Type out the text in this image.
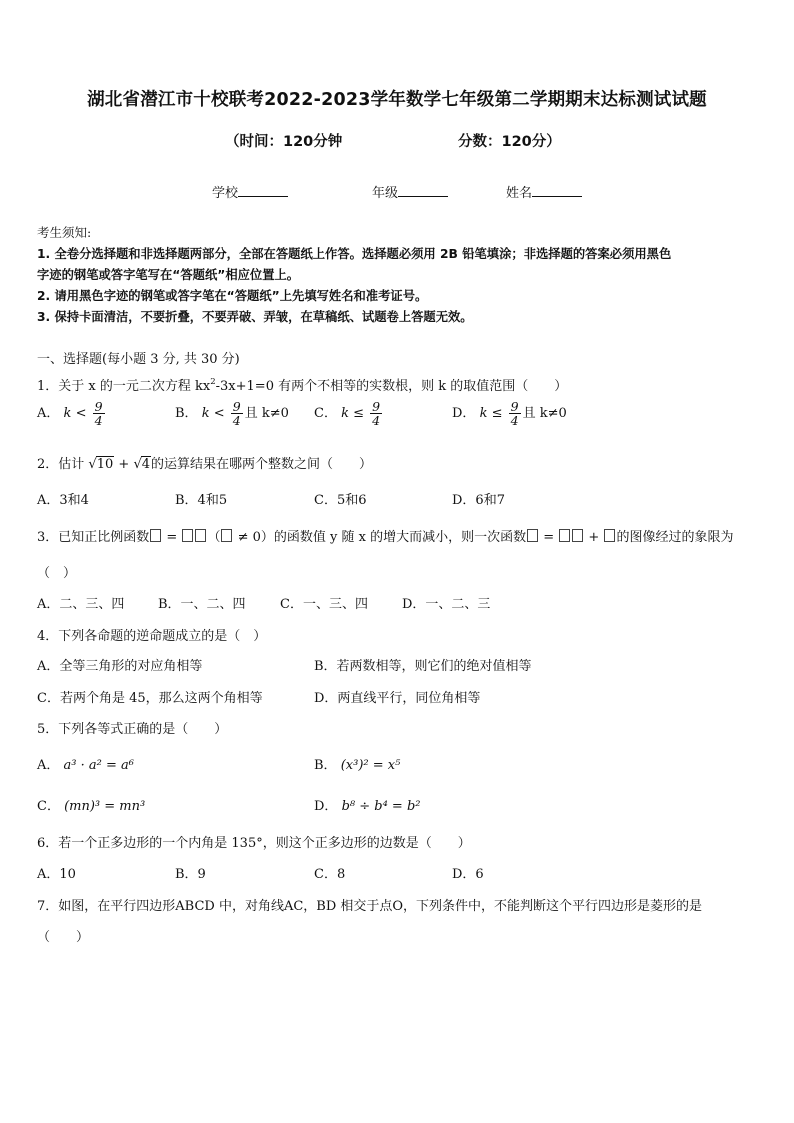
湖北省潜江市十校联考2022-2023学年数学七年级第二学期期末达标测试试题
（时间：120分钟	分数：120分）
学校	年级	姓名
考生须知:
1. 全卷分选择题和非选择题两部分，全部在答题纸上作答。选择题必须用 2B 铅笔填涂；非选择题的答案必须用黑色
字迹的钢笔或答字笔写在“答题纸”相应位置上。
2. 请用黑色字迹的钢笔或答字笔在“答题纸”上先填写姓名和准考证号。
3. 保持卡面清洁，不要折叠，不要弄破、弄皱，在草稿纸、试题卷上答题无效。
一、选择题(每小题 3 分, 共 30 分)
1．关于 x 的一元二次方程 $kx^2-3x+1=0$ 有两个不相等的实数根，则 k 的取值范围（　　）
A． $k < \frac{9}{4}$	B． $k < \frac{9}{4}$ 且 k≠0 C． $k \le \frac{9}{4}$	D． $k \le \frac{9}{4}$ 且 k≠0
2．估计 √10 + √4的运算结果在哪两个整数之间（　　）
A．3和4	B．4和5	C．5和6	D．6和7
3．已知正比例函数 = （ ≠ 0）的函数值 y 随 x 的增大而减小，则一次函数 =  + 的图像经过的象限为
（　）
A．二、三、四	B．一、二、四	C．一、三、四	D．一、二、三
4．下列各命题的逆命题成立的是（　）
A．全等三角形的对应角相等	B．若两数相等，则它们的绝对值相等
C．若两个角是 45，那么这两个角相等	D．两直线平行，同位角相等
5．下列各等式正确的是（　　）
A． a³ · a² = a⁶	B． (x³)² = x⁵
C． (mn)³ = mn³	D． b⁸ ÷ b⁴ = b²
6．若一个正多边形的一个内角是 135°，则这个正多边形的边数是（　　）
A．10	B．9	C．8	D．6
7．如图，在平行四边形ABCD 中，对角线AC，BD 相交于点O，下列条件中，不能判断这个平行四边形是菱形的是
（　　）
